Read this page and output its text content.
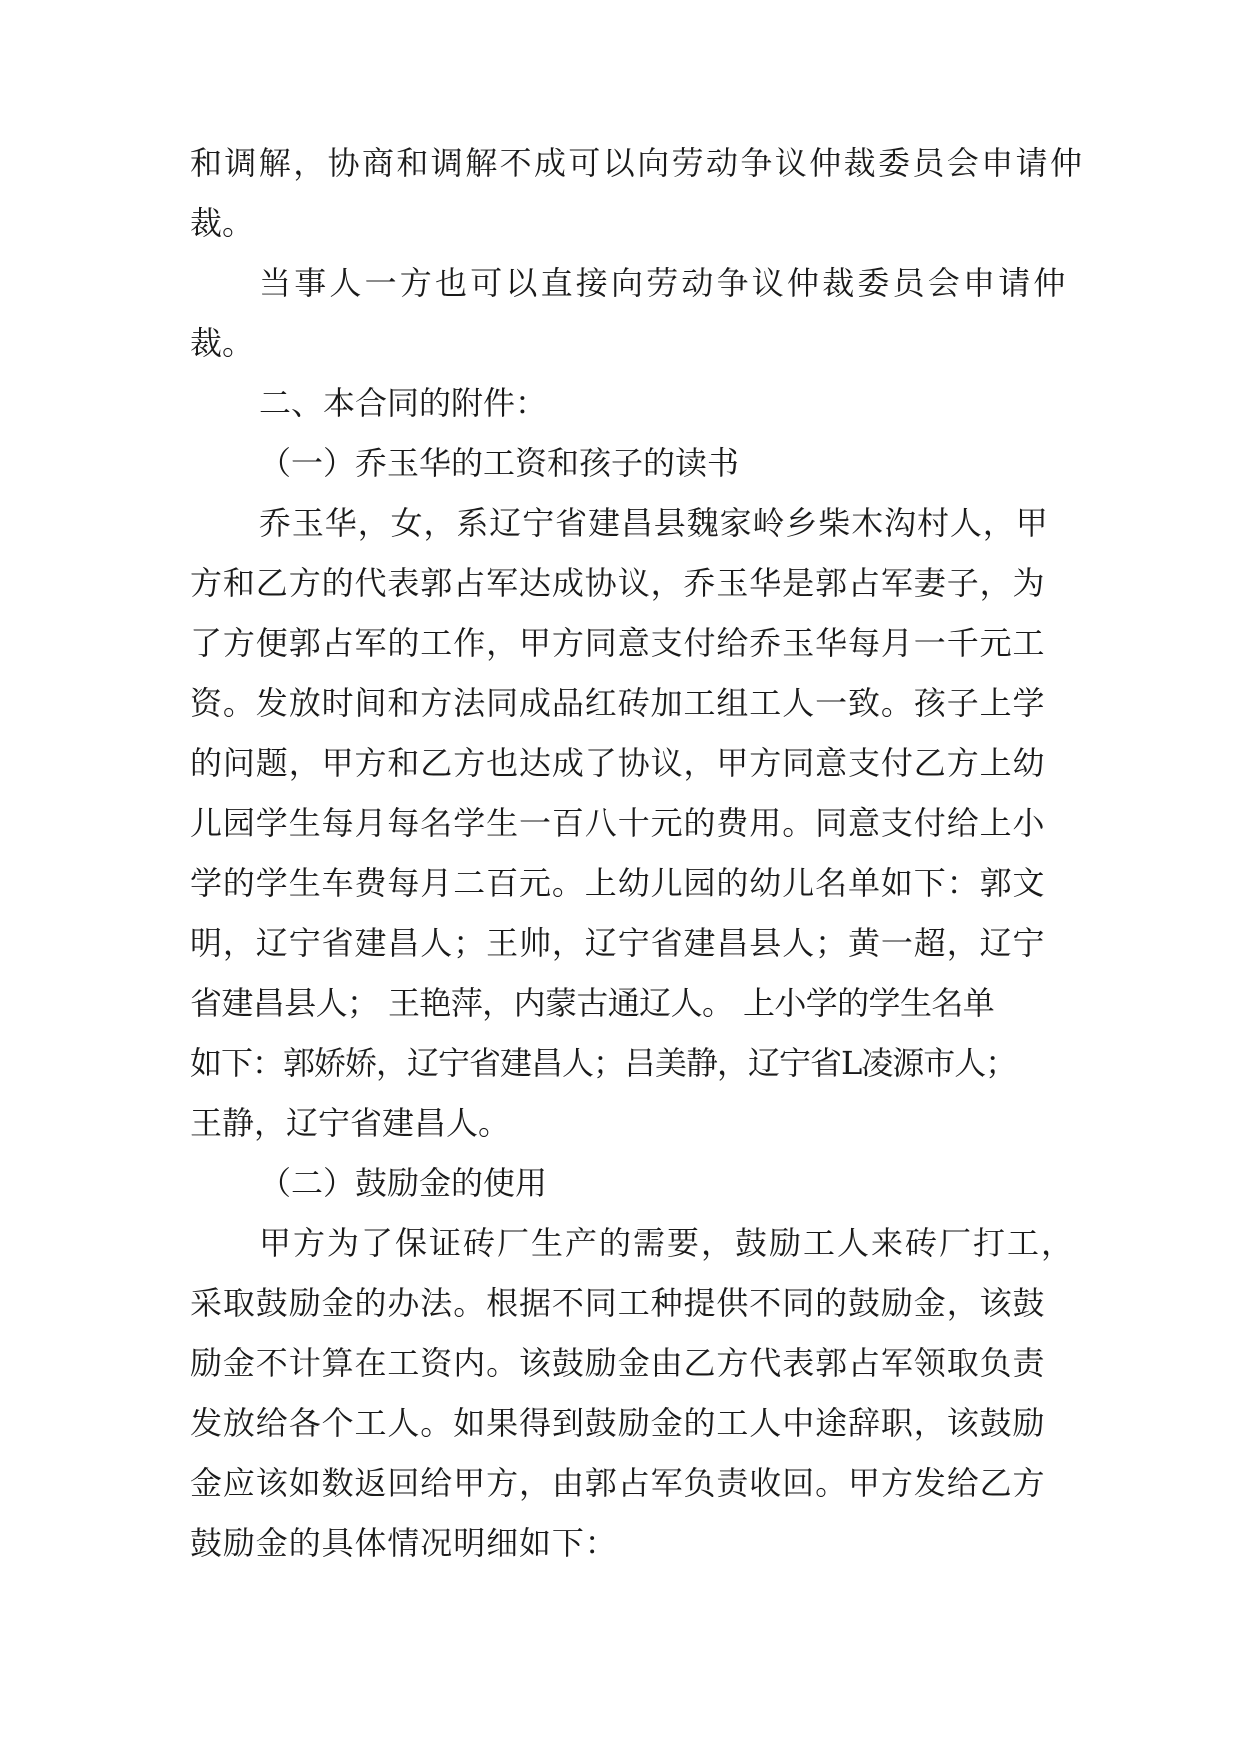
和调解，协商和调解不成可以向劳动争议仲裁委员会申请仲

裁。

当事人一方也可以直接向劳动争议仲裁委员会申请仲

裁。

二、本合同的附件：

（一）乔玉华的工资和孩子的读书

乔玉华，女，系辽宁省建昌县魏家岭乡柴木沟村人，甲

方和乙方的代表郭占军达成协议，乔玉华是郭占军妻子，为

了方便郭占军的工作，甲方同意支付给乔玉华每月一千元工

资。发放时间和方法同成品红砖加工组工人一致。孩子上学

的问题，甲方和乙方也达成了协议，甲方同意支付乙方上幼

儿园学生每月每名学生一百八十元的费用。同意支付给上小

学的学生车费每月二百元。上幼儿园的幼儿名单如下：郭文

明，辽宁省建昌人；王帅，辽宁省建昌县人；黄一超，辽宁

省建昌县人； 王艳萍，内蒙古通辽人。 上小学的学生名单

如下：郭娇娇，辽宁省建昌人；吕美静，辽宁省L凌源市人；

王静，辽宁省建昌人。

（二）鼓励金的使用

甲方为了保证砖厂生产的需要，鼓励工人来砖厂打工，

采取鼓励金的办法。根据不同工种提供不同的鼓励金，该鼓

励金不计算在工资内。该鼓励金由乙方代表郭占军领取负责

发放给各个工人。如果得到鼓励金的工人中途辞职，该鼓励

金应该如数返回给甲方，由郭占军负责收回。甲方发给乙方

鼓励金的具体情况明细如下：
